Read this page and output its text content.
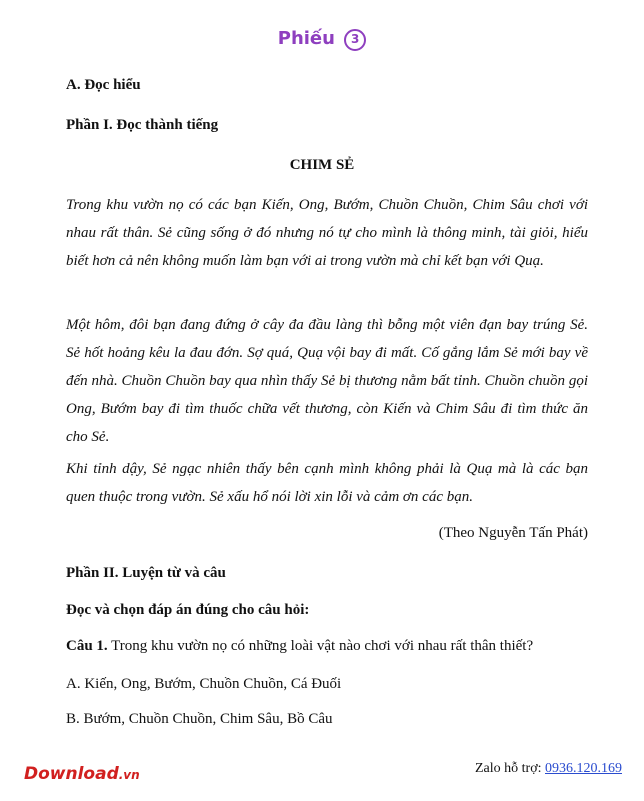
Phiếu 3
A. Đọc hiểu
Phần I. Đọc thành tiếng
CHIM SẺ
Trong khu vườn nọ có các bạn Kiến, Ong, Bướm, Chuồn Chuồn, Chim Sâu chơi với nhau rất thân. Sẻ cũng sống ở đó nhưng nó tự cho mình là thông minh, tài giỏi, hiểu biết hơn cả nên không muốn làm bạn với ai trong vườn mà chỉ kết bạn với Quạ.
Một hôm, đôi bạn đang đứng ở cây đa đầu làng thì bỗng một viên đạn bay trúng Sẻ. Sẻ hốt hoảng kêu la đau đớn. Sợ quá, Quạ vội bay đi mất. Cố gắng lắm Sẻ mới bay về đến nhà. Chuồn Chuồn bay qua nhìn thấy Sẻ bị thương nằm bất tỉnh. Chuồn chuồn gọi Ong, Bướm bay đi tìm thuốc chữa vết thương, còn Kiến và Chim Sâu đi tìm thức ăn cho Sẻ.
Khi tỉnh dậy, Sẻ ngạc nhiên thấy bên cạnh mình không phải là Quạ mà là các bạn quen thuộc trong vườn. Sẻ xấu hổ nói lời xin lỗi và cảm ơn các bạn.
(Theo Nguyễn Tấn Phát)
Phần II. Luyện từ và câu
Đọc và chọn đáp án đúng cho câu hỏi:
Câu 1. Trong khu vườn nọ có những loài vật nào chơi với nhau rất thân thiết?
A. Kiến, Ong, Bướm, Chuồn Chuồn, Cá Đuối
B. Bướm, Chuồn Chuồn, Chim Sâu, Bồ Câu
Download.vn	Zalo hỗ trợ: 0936.120.169
